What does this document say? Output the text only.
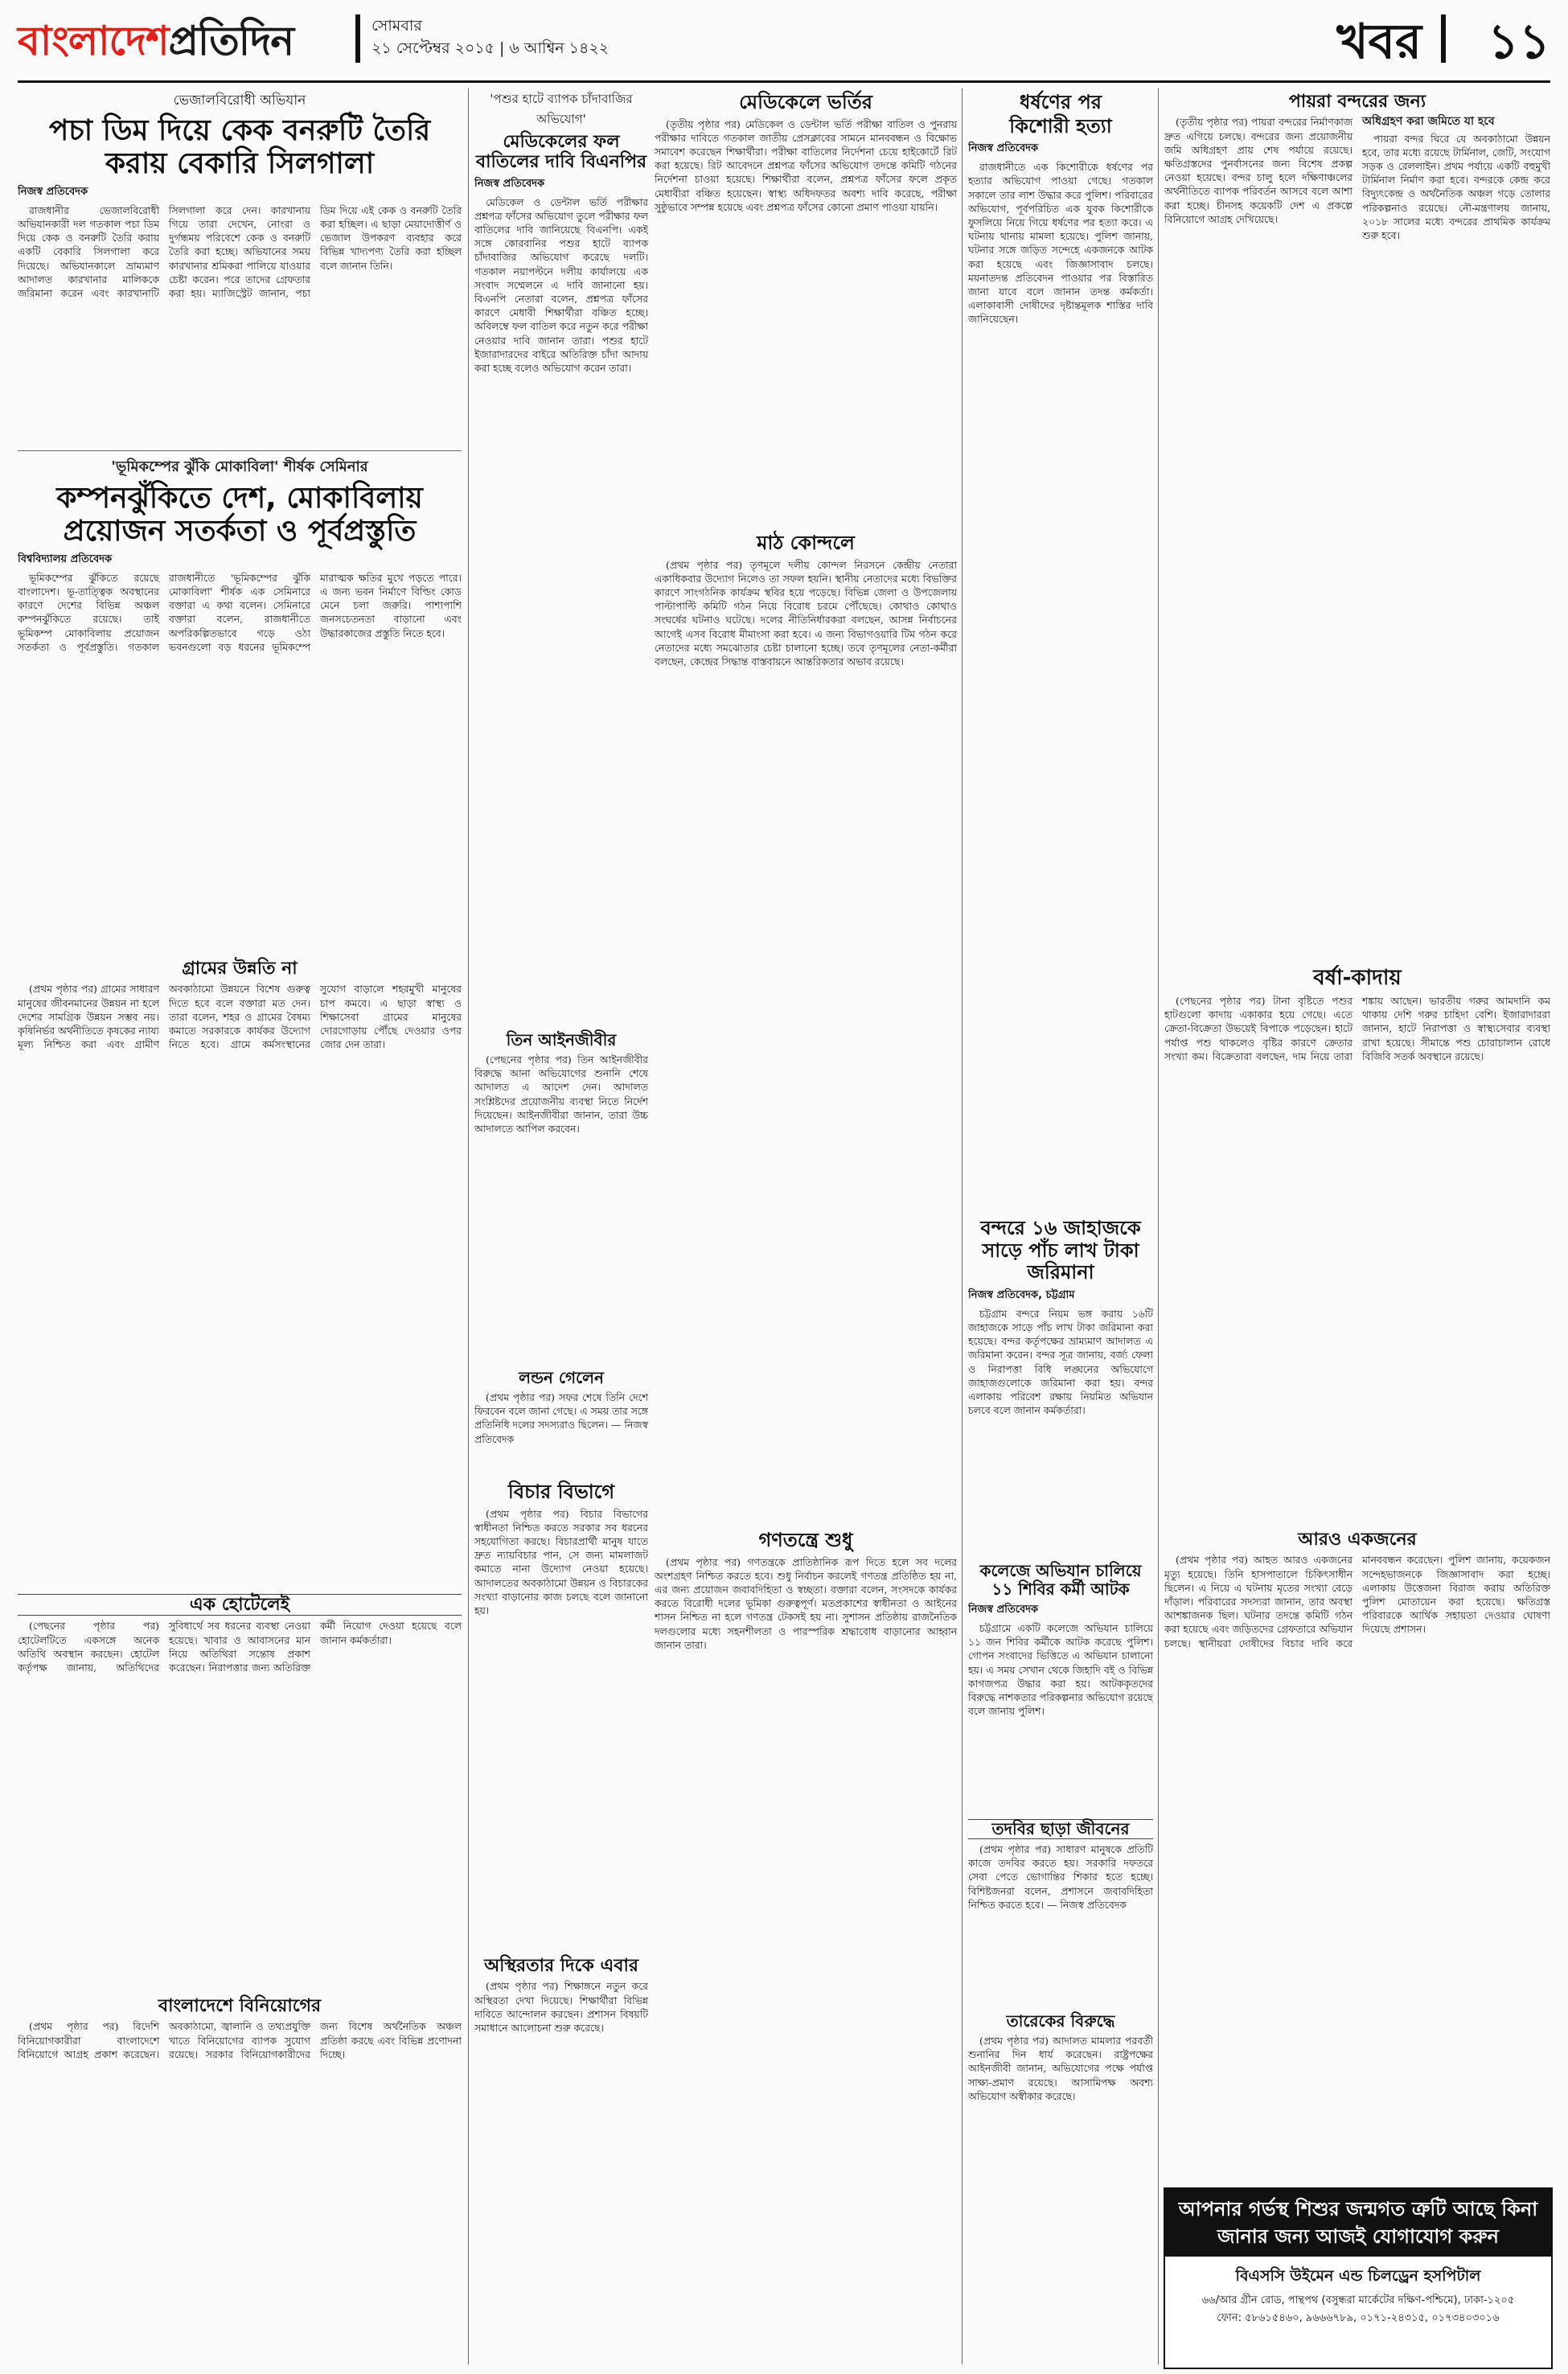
বাংলাদেশপ্রতিদিন	সোমবার
২১ সেপ্টেম্বর ২০১৫ | ৬ আশ্বিন ১৪২২	খবর ১১
ভেজালবিরোধী অভিযান
পচা ডিম দিয়ে কেক বনরুটি তৈরি করায় বেকারি সিলগালা
নিজস্ব প্রতিবেদক

রাজধানীর ভেজালবিরোধী অভিযানকারী দল গতকাল পচা ডিম দিয়ে কেক ও বনরুটি তৈরি করায় একটি বেকারি সিলগালা করে দিয়েছে। অভিযানকালে ভ্রাম্যমাণ আদালত কারখানার মালিককে জরিমানা করেন এবং কারখানাটি সিলগালা করে দেন। কারখানায় গিয়ে তারা দেখেন, নোংরা ও দুর্গন্ধময় পরিবেশে কেক ও বনরুটি তৈরি করা হচ্ছে। অভিযানের সময় কারখানার শ্রমিকরা পালিয়ে যাওয়ার চেষ্টা করেন। পরে তাদের গ্রেফতার করা হয়। ম্যাজিস্ট্রেট জানান, পচা ডিম দিয়ে এই কেক ও বনরুটি তৈরি করা হচ্ছিল। এ ছাড়া মেয়াদোত্তীর্ণ ও ভেজাল উপকরণ ব্যবহার করে বিভিন্ন খাদ্যপণ্য তৈরি করা হচ্ছিল বলে জানান তিনি।

'ভূমিকম্পের ঝুঁকি মোকাবিলা' শীর্ষক সেমিনার
কম্পনঝুঁকিতে দেশ, মোকাবিলায় প্রয়োজন সতর্কতা ও পূর্বপ্রস্তুতি
বিশ্ববিদ্যালয় প্রতিবেদক

ভূমিকম্পের ঝুঁকিতে রয়েছে বাংলাদেশ। ভূ-তাত্ত্বিক অবস্থানের কারণে দেশের বিভিন্ন অঞ্চল কম্পনঝুঁকিতে রয়েছে। তাই ভূমিকম্প মোকাবিলায় প্রয়োজন সতর্কতা ও পূর্বপ্রস্তুতি। গতকাল রাজধানীতে 'ভূমিকম্পের ঝুঁকি মোকাবিলা' শীর্ষক এক সেমিনারে বক্তারা এ কথা বলেন। সেমিনারে বক্তারা বলেন, রাজধানীতে অপরিকল্পিতভাবে গড়ে ওঠা ভবনগুলো বড় ধরনের ভূমিকম্পে মারাত্মক ক্ষতির মুখে পড়তে পারে। এ জন্য ভবন নির্মাণে বিল্ডিং কোড মেনে চলা জরুরি। পাশাপাশি জনসচেতনতা বাড়ানো এবং উদ্ধারকাজের প্রস্তুতি নিতে হবে।

গ্রামের উন্নতি না

(প্রথম পৃষ্ঠার পর) গ্রামের সাধারণ মানুষের জীবনমানের উন্নয়ন না হলে দেশের সামগ্রিক উন্নয়ন সম্ভব নয়। কৃষিনির্ভর অর্থনীতিতে কৃষকের ন্যায্য মূল্য নিশ্চিত করা এবং গ্রামীণ অবকাঠামো উন্নয়নে বিশেষ গুরুত্ব দিতে হবে বলে বক্তারা মত দেন। তারা বলেন, শহর ও গ্রামের বৈষম্য কমাতে সরকারকে কার্যকর উদ্যোগ নিতে হবে। গ্রামে কর্মসংস্থানের সুযোগ বাড়ালে শহরমুখী মানুষের চাপ কমবে। এ ছাড়া স্বাস্থ্য ও শিক্ষাসেবা গ্রামের মানুষের দোরগোড়ায় পৌঁছে দেওয়ার ওপর জোর দেন তারা।

এক হোটেলেই

(পেছনের পৃষ্ঠার পর) হোটেলটিতে একসঙ্গে অনেক অতিথি অবস্থান করছেন। হোটেল কর্তৃপক্ষ জানায়, অতিথিদের সুবিধার্থে সব ধরনের ব্যবস্থা নেওয়া হয়েছে। খাবার ও আবাসনের মান নিয়ে অতিথিরা সন্তোষ প্রকাশ করেছেন। নিরাপত্তার জন্য অতিরিক্ত কর্মী নিয়োগ দেওয়া হয়েছে বলে জানান কর্মকর্তারা।

বাংলাদেশে বিনিয়োগের

(প্রথম পৃষ্ঠার পর) বিদেশি বিনিয়োগকারীরা বাংলাদেশে বিনিয়োগে আগ্রহ প্রকাশ করেছেন। অবকাঠামো, জ্বালানি ও তথ্যপ্রযুক্তি খাতে বিনিয়োগের ব্যাপক সুযোগ রয়েছে। সরকার বিনিয়োগকারীদের জন্য বিশেষ অর্থনৈতিক অঞ্চল প্রতিষ্ঠা করছে এবং বিভিন্ন প্রণোদনা দিচ্ছে।

'পশুর হাটে ব্যাপক চাঁদাবাজির অভিযোগ'
মেডিকেলের ফল বাতিলের দাবি বিএনপির
নিজস্ব প্রতিবেদক

মেডিকেল ও ডেন্টাল ভর্তি পরীক্ষার প্রশ্নপত্র ফাঁসের অভিযোগ তুলে পরীক্ষার ফল বাতিলের দাবি জানিয়েছে বিএনপি। একই সঙ্গে কোরবানির পশুর হাটে ব্যাপক চাঁদাবাজির অভিযোগ করেছে দলটি। গতকাল নয়াপল্টনে দলীয় কার্যালয়ে এক সংবাদ সম্মেলনে এ দাবি জানানো হয়। বিএনপি নেতারা বলেন, প্রশ্নপত্র ফাঁসের কারণে মেধাবী শিক্ষার্থীরা বঞ্চিত হচ্ছে। অবিলম্বে ফল বাতিল করে নতুন করে পরীক্ষা নেওয়ার দাবি জানান তারা। পশুর হাটে ইজারাদারদের বাইরে অতিরিক্ত চাঁদা আদায় করা হচ্ছে বলেও অভিযোগ করেন তারা।

তিন আইনজীবীর

(পেছনের পৃষ্ঠার পর) তিন আইনজীবীর বিরুদ্ধে আনা অভিযোগের শুনানি শেষে আদালত এ আদেশ দেন। আদালত সংশ্লিষ্টদের প্রয়োজনীয় ব্যবস্থা নিতে নির্দেশ দিয়েছেন। আইনজীবীরা জানান, তারা উচ্চ আদালতে আপিল করবেন।

লন্ডন গেলেন

(প্রথম পৃষ্ঠার পর) সফর শেষে তিনি দেশে ফিরবেন বলে জানা গেছে। এ সময় তার সঙ্গে প্রতিনিধি দলের সদস্যরাও ছিলেন। — নিজস্ব প্রতিবেদক

বিচার বিভাগে

(প্রথম পৃষ্ঠার পর) বিচার বিভাগের স্বাধীনতা নিশ্চিত করতে সরকার সব ধরনের সহযোগিতা করছে। বিচারপ্রার্থী মানুষ যাতে দ্রুত ন্যায়বিচার পান, সে জন্য মামলাজট কমাতে নানা উদ্যোগ নেওয়া হয়েছে। আদালতের অবকাঠামো উন্নয়ন ও বিচারকের সংখ্যা বাড়ানোর কাজ চলছে বলে জানানো হয়।

অস্থিরতার দিকে এবার

(প্রথম পৃষ্ঠার পর) শিক্ষাঙ্গনে নতুন করে অস্থিরতা দেখা দিয়েছে। শিক্ষার্থীরা বিভিন্ন দাবিতে আন্দোলন করছেন। প্রশাসন বিষয়টি সমাধানে আলোচনা শুরু করেছে।

মেডিকেলে ভর্তির

(তৃতীয় পৃষ্ঠার পর) মেডিকেল ও ডেন্টাল ভর্তি পরীক্ষা বাতিল ও পুনরায় পরীক্ষার দাবিতে গতকাল জাতীয় প্রেসক্লাবের সামনে মানববন্ধন ও বিক্ষোভ সমাবেশ করেছেন শিক্ষার্থীরা। পরীক্ষা বাতিলের নির্দেশনা চেয়ে হাইকোর্টে রিট করা হয়েছে। রিট আবেদনে প্রশ্নপত্র ফাঁসের অভিযোগ তদন্তে কমিটি গঠনের নির্দেশনা চাওয়া হয়েছে। শিক্ষার্থীরা বলেন, প্রশ্নপত্র ফাঁসের ফলে প্রকৃত মেধাবীরা বঞ্চিত হয়েছেন। স্বাস্থ্য অধিদফতর অবশ্য দাবি করেছে, পরীক্ষা সুষ্ঠুভাবে সম্পন্ন হয়েছে এবং প্রশ্নপত্র ফাঁসের কোনো প্রমাণ পাওয়া যায়নি।

মাঠ কোন্দলে

(প্রথম পৃষ্ঠার পর) তৃণমূলে দলীয় কোন্দল নিরসনে কেন্দ্রীয় নেতারা একাধিকবার উদ্যোগ নিলেও তা সফল হয়নি। স্থানীয় নেতাদের মধ্যে বিভক্তির কারণে সাংগঠনিক কার্যক্রম স্থবির হয়ে পড়েছে। বিভিন্ন জেলা ও উপজেলায় পাল্টাপাল্টি কমিটি গঠন নিয়ে বিরোধ চরমে পৌঁছেছে। কোথাও কোথাও সংঘর্ষের ঘটনাও ঘটেছে। দলের নীতিনির্ধারকরা বলছেন, আসন্ন নির্বাচনের আগেই এসব বিরোধ মীমাংসা করা হবে। এ জন্য বিভাগওয়ারি টিম গঠন করে নেতাদের মধ্যে সমঝোতার চেষ্টা চালানো হচ্ছে। তবে তৃণমূলের নেতা-কর্মীরা বলছেন, কেন্দ্রের সিদ্ধান্ত বাস্তবায়নে আন্তরিকতার অভাব রয়েছে।

গণতন্ত্রে শুধু

(প্রথম পৃষ্ঠার পর) গণতন্ত্রকে প্রাতিষ্ঠানিক রূপ দিতে হলে সব দলের অংশগ্রহণ নিশ্চিত করতে হবে। শুধু নির্বাচন করলেই গণতন্ত্র প্রতিষ্ঠিত হয় না, এর জন্য প্রয়োজন জবাবদিহিতা ও স্বচ্ছতা। বক্তারা বলেন, সংসদকে কার্যকর করতে বিরোধী দলের ভূমিকা গুরুত্বপূর্ণ। মতপ্রকাশের স্বাধীনতা ও আইনের শাসন নিশ্চিত না হলে গণতন্ত্র টেকসই হয় না। সুশাসন প্রতিষ্ঠায় রাজনৈতিক দলগুলোর মধ্যে সহনশীলতা ও পারস্পরিক শ্রদ্ধাবোধ বাড়ানোর আহ্বান জানান তারা।

ধর্ষণের পর
কিশোরী হত্যা
নিজস্ব প্রতিবেদক

রাজধানীতে এক কিশোরীকে ধর্ষণের পর হত্যার অভিযোগ পাওয়া গেছে। গতকাল সকালে তার লাশ উদ্ধার করে পুলিশ। পরিবারের অভিযোগ, পূর্বপরিচিত এক যুবক কিশোরীকে ফুসলিয়ে নিয়ে গিয়ে ধর্ষণের পর হত্যা করে। এ ঘটনায় থানায় মামলা হয়েছে। পুলিশ জানায়, ঘটনার সঙ্গে জড়িত সন্দেহে একজনকে আটক করা হয়েছে এবং জিজ্ঞাসাবাদ চলছে। ময়নাতদন্ত প্রতিবেদন পাওয়ার পর বিস্তারিত জানা যাবে বলে জানান তদন্ত কর্মকর্তা। এলাকাবাসী দোষীদের দৃষ্টান্তমূলক শাস্তির দাবি জানিয়েছেন।

বন্দরে ১৬ জাহাজকে সাড়ে পাঁচ লাখ টাকা জরিমানা
নিজস্ব প্রতিবেদক, চট্টগ্রাম

চট্টগ্রাম বন্দরে নিয়ম ভঙ্গ করায় ১৬টি জাহাজকে সাড়ে পাঁচ লাখ টাকা জরিমানা করা হয়েছে। বন্দর কর্তৃপক্ষের ভ্রাম্যমাণ আদালত এ জরিমানা করেন। বন্দর সূত্র জানায়, বর্জ্য ফেলা ও নিরাপত্তা বিধি লঙ্ঘনের অভিযোগে জাহাজগুলোকে জরিমানা করা হয়। বন্দর এলাকায় পরিবেশ রক্ষায় নিয়মিত অভিযান চলবে বলে জানান কর্মকর্তারা।

কলেজে অভিযান চালিয়ে ১১ শিবির কর্মী আটক
নিজস্ব প্রতিবেদক

চট্টগ্রামে একটি কলেজে অভিযান চালিয়ে ১১ জন শিবির কর্মীকে আটক করেছে পুলিশ। গোপন সংবাদের ভিত্তিতে এ অভিযান চালানো হয়। এ সময় সেখান থেকে জিহাদি বই ও বিভিন্ন কাগজপত্র উদ্ধার করা হয়। আটককৃতদের বিরুদ্ধে নাশকতার পরিকল্পনার অভিযোগ রয়েছে বলে জানায় পুলিশ।

তদবির ছাড়া জীবনের

(প্রথম পৃষ্ঠার পর) সাধারণ মানুষকে প্রতিটি কাজে তদবির করতে হয়। সরকারি দফতরে সেবা পেতে ভোগান্তির শিকার হতে হচ্ছে। বিশিষ্টজনরা বলেন, প্রশাসনে জবাবদিহিতা নিশ্চিত করতে হবে। — নিজস্ব প্রতিবেদক

তারেকের বিরুদ্ধে

(প্রথম পৃষ্ঠার পর) আদালত মামলার পরবর্তী শুনানির দিন ধার্য করেছেন। রাষ্ট্রপক্ষের আইনজীবী জানান, অভিযোগের পক্ষে পর্যাপ্ত সাক্ষ্য-প্রমাণ রয়েছে। আসামিপক্ষ অবশ্য অভিযোগ অস্বীকার করেছে।

পায়রা বন্দরের জন্য

(তৃতীয় পৃষ্ঠার পর) পায়রা বন্দরের নির্মাণকাজ দ্রুত এগিয়ে চলছে। বন্দরের জন্য প্রয়োজনীয় জমি অধিগ্রহণ প্রায় শেষ পর্যায়ে রয়েছে। ক্ষতিগ্রস্তদের পুনর্বাসনের জন্য বিশেষ প্রকল্প নেওয়া হয়েছে। বন্দর চালু হলে দক্ষিণাঞ্চলের অর্থনীতিতে ব্যাপক পরিবর্তন আসবে বলে আশা করা হচ্ছে। চীনসহ কয়েকটি দেশ এ প্রকল্পে বিনিয়োগে আগ্রহ দেখিয়েছে।

অধিগ্রহণ করা জমিতে যা হবে

পায়রা বন্দর ঘিরে যে অবকাঠামো উন্নয়ন হবে, তার মধ্যে রয়েছে টার্মিনাল, জেটি, সংযোগ সড়ক ও রেললাইন। প্রথম পর্যায়ে একটি বহুমুখী টার্মিনাল নির্মাণ করা হবে। বন্দরকে কেন্দ্র করে বিদ্যুৎকেন্দ্র ও অর্থনৈতিক অঞ্চল গড়ে তোলার পরিকল্পনাও রয়েছে। নৌ-মন্ত্রণালয় জানায়, ২০১৮ সালের মধ্যে বন্দরের প্রাথমিক কার্যক্রম শুরু হবে।

বর্ষা-কাদায়

(পেছনের পৃষ্ঠার পর) টানা বৃষ্টিতে পশুর হাটগুলো কাদায় একাকার হয়ে গেছে। এতে ক্রেতা-বিক্রেতা উভয়েই বিপাকে পড়েছেন। হাটে পর্যাপ্ত পশু থাকলেও বৃষ্টির কারণে ক্রেতার সংখ্যা কম। বিক্রেতারা বলছেন, দাম নিয়ে তারা শঙ্কায় আছেন। ভারতীয় গরুর আমদানি কম থাকায় দেশি গরুর চাহিদা বেশি। ইজারাদাররা জানান, হাটে নিরাপত্তা ও স্বাস্থ্যসেবার ব্যবস্থা রাখা হয়েছে। সীমান্তে পশু চোরাচালান রোধে বিজিবি সতর্ক অবস্থানে রয়েছে।

আরও একজনের

(প্রথম পৃষ্ঠার পর) আহত আরও একজনের মৃত্যু হয়েছে। তিনি হাসপাতালে চিকিৎসাধীন ছিলেন। এ নিয়ে এ ঘটনায় মৃতের সংখ্যা বেড়ে দাঁড়াল। পরিবারের সদস্যরা জানান, তার অবস্থা আশঙ্কাজনক ছিল। ঘটনার তদন্তে কমিটি গঠন করা হয়েছে এবং জড়িতদের গ্রেফতারে অভিযান চলছে। স্থানীয়রা দোষীদের বিচার দাবি করে মানববন্ধন করেছেন। পুলিশ জানায়, কয়েকজন সন্দেহভাজনকে জিজ্ঞাসাবাদ করা হচ্ছে। এলাকায় উত্তেজনা বিরাজ করায় অতিরিক্ত পুলিশ মোতায়েন করা হয়েছে। ক্ষতিগ্রস্ত পরিবারকে আর্থিক সহায়তা দেওয়ার ঘোষণা দিয়েছে প্রশাসন।

আপনার গর্ভস্থ শিশুর জন্মগত ত্রুটি আছে কিনা জানার জন্য আজই যোগাযোগ করুন
বিএসসি উইমেন এন্ড চিলড্রেন হসপিটাল
৬৬/আর গ্রীন রোড, পান্থপথ (বসুন্ধরা মার্কেটের দক্ষিণ-পশ্চিমে), ঢাকা-১২০৫
ফোন: ৫৮৬১৫৪৬০, ৯৬৬৬৭৮৯, ০১৭১-২৪৩১৫, ০১৭৩৪০৩০১৬
